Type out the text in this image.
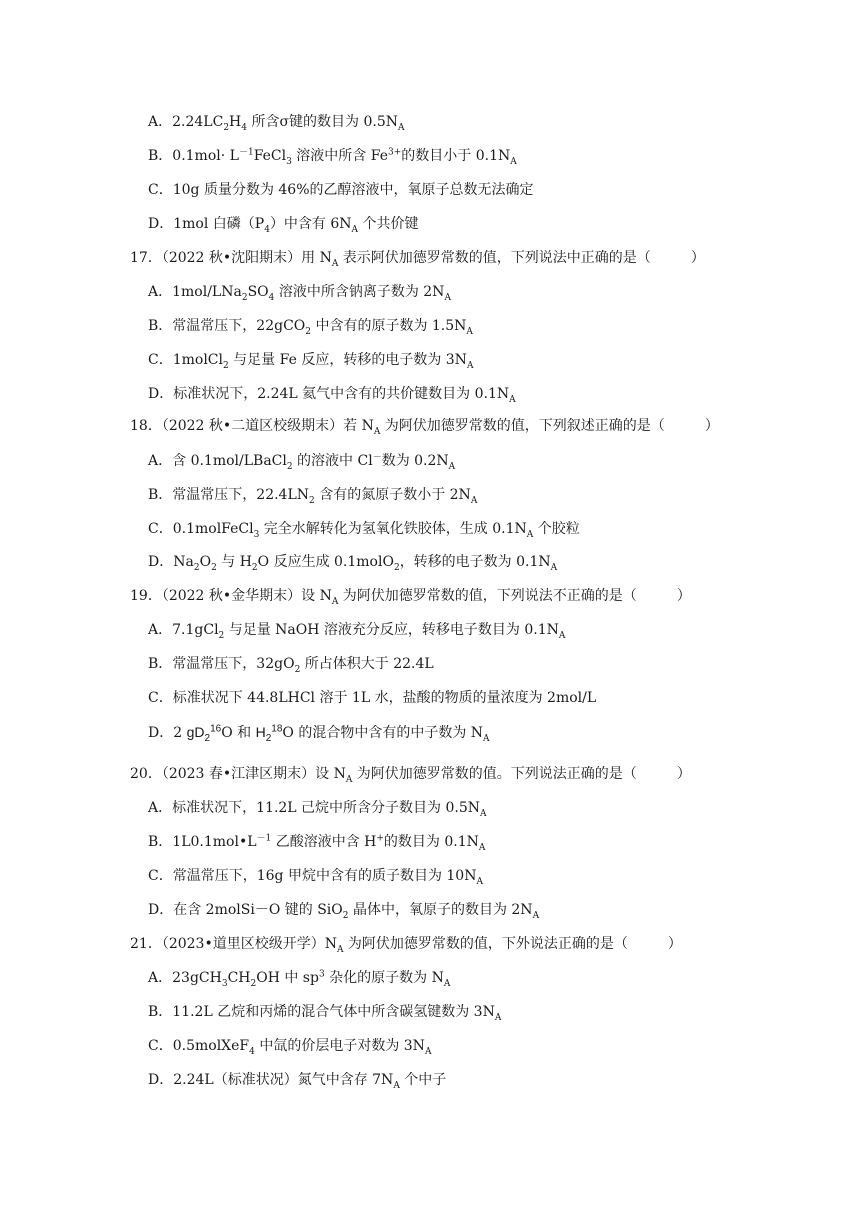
A．$2.24LC_2H_4$ 所含σ键的数目为 $0.5N_A$
B．$0.1mol\cdot L^{-1}FeCl_3$ 溶液中所含 $Fe^{3+}$的数目小于 $0.1N_A$
C．10g 质量分数为 46%的乙醇溶液中，氧原子总数无法确定
D．1mol 白磷$(P_4)$中含有 $6N_A$ 个共价键
17．（2022 秋•沈阳期末）用 $N_A$ 表示阿伏加德罗常数的值，下列说法中正确的是（	）
A．$1mol/LNa_2SO_4$ 溶液中所含钠离子数为 $2N_A$
B．常温常压下，22gCO$_2$ 中含有的原子数为 $1.5N_A$
C．1molCl$_2$ 与足量 Fe 反应，转移的电子数为 $3N_A$
D．标准状况下，2.24L 氦气中含有的共价键数目为 $0.1N_A$
18．（2022 秋•二道区校级期末）若 $N_A$ 为阿伏加德罗常数的值，下列叙述正确的是（	）
A．含 0.1mol/LBaCl$_2$ 的溶液中 Cl－数为 $0.2N_A$
B．常温常压下，$22.4LN_2$ 含有的氮原子数小于 $2N_A$
C．0.1molFeCl$_3$ 完全水解转化为氢氧化铁胶体，生成 $0.1N_A$ 个胶粒
D．$Na_2O_2$ 与 $H_2O$ 反应生成 0.1molO$_2$，转移的电子数为 $0.1N_A$
19．（2022 秋•金华期末）设 $N_A$ 为阿伏加德罗常数的值，下列说法不正确的是（	）
A．7.1gCl$_2$ 与足量 NaOH 溶液充分反应，转移电子数目为 $0.1N_A$
B．常温常压下，$32gO_2$ 所占体积大于 22.4L
C．标准状况下 44.8LHCl 溶于 1L 水，盐酸的物质的量浓度为 2mol/L
D．2 $gD_2^{16}O$ 和 $H_2^{18}O$ 的混合物中含有的中子数为 $N_A$
20．（2023 春•江津区期末）设 $N_A$ 为阿伏加德罗常数的值。下列说法正确的是（	）
A．标准状况下，11.2L 己烷中所含分子数目为 $0.5N_A$
B．$1L0.1mol•L^{-1}$ 乙酸溶液中含 H+的数目为 $0.1N_A$
C．常温常压下，16g 甲烷中含有的质子数目为 $10N_A$
D．在含 2molSi－O 键的 SiO$_2$ 晶体中，氧原子的数目为 $2N_A$
21．（2023•道里区校级开学）$N_A$ 为阿伏加德罗常数的值，下外说法正确的是（	）
A．$23gCH_3CH_2OH$ 中 $sp^3$ 杂化的原子数为 $N_A$
B．11.2L 乙烷和丙烯的混合气体中所含碳氢键数为 $3N_A$
C．0.5molXeF$_4$ 中氙的价层电子对数为 $3N_A$
D．2.24L（标准状况）氮气中含存 $7N_A$ 个中子
